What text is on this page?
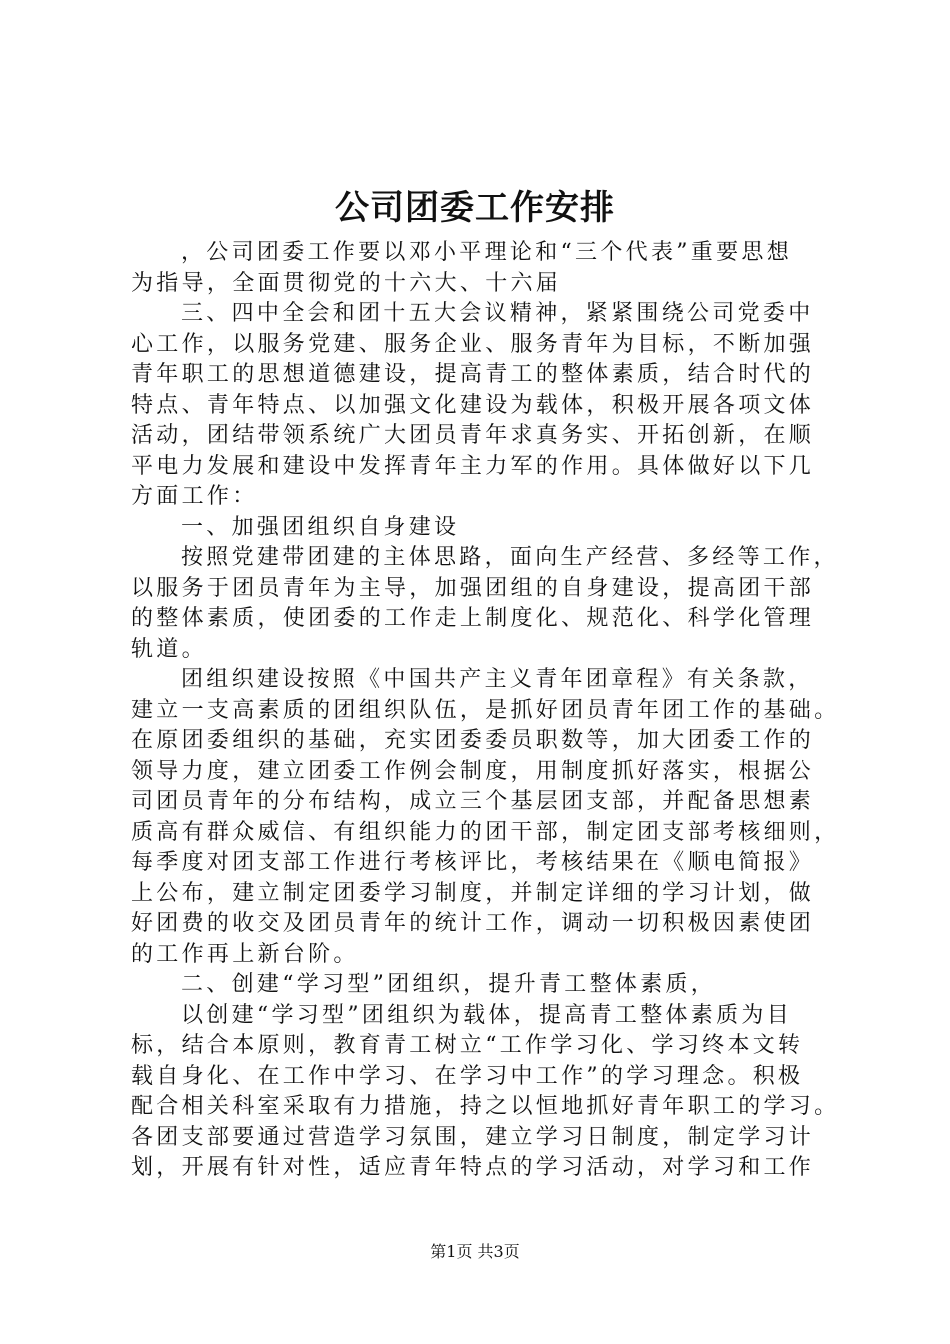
公司团委工作安排
，公司团委工作要以邓小平理论和“三个代表”重要思想
为指导，全面贯彻党的十六大、十六届
三、四中全会和团十五大会议精神，紧紧围绕公司党委中
心工作，以服务党建、服务企业、服务青年为目标，不断加强
青年职工的思想道德建设，提高青工的整体素质，结合时代的
特点、青年特点、以加强文化建设为载体，积极开展各项文体
活动，团结带领系统广大团员青年求真务实、开拓创新，在顺
平电力发展和建设中发挥青年主力军的作用。具体做好以下几
方面工作：
一、加强团组织自身建设
按照党建带团建的主体思路，面向生产经营、多经等工作，
以服务于团员青年为主导，加强团组的自身建设，提高团干部
的整体素质，使团委的工作走上制度化、规范化、科学化管理
轨道。
团组织建设按照《中国共产主义青年团章程》有关条款，
建立一支高素质的团组织队伍，是抓好团员青年团工作的基础。
在原团委组织的基础，充实团委委员职数等，加大团委工作的
领导力度，建立团委工作例会制度，用制度抓好落实，根据公
司团员青年的分布结构，成立三个基层团支部，并配备思想素
质高有群众威信、有组织能力的团干部，制定团支部考核细则，
每季度对团支部工作进行考核评比，考核结果在《顺电简报》
上公布，建立制定团委学习制度，并制定详细的学习计划，做
好团费的收交及团员青年的统计工作，调动一切积极因素使团
的工作再上新台阶。
二、创建“学习型”团组织，提升青工整体素质，
以创建“学习型”团组织为载体，提高青工整体素质为目
标，结合本原则，教育青工树立“工作学习化、学习终本文转
载自身化、在工作中学习、在学习中工作”的学习理念。积极
配合相关科室采取有力措施，持之以恒地抓好青年职工的学习。
各团支部要通过营造学习氛围，建立学习日制度，制定学习计
划，开展有针对性，适应青年特点的学习活动，对学习和工作
第1页 共3页
